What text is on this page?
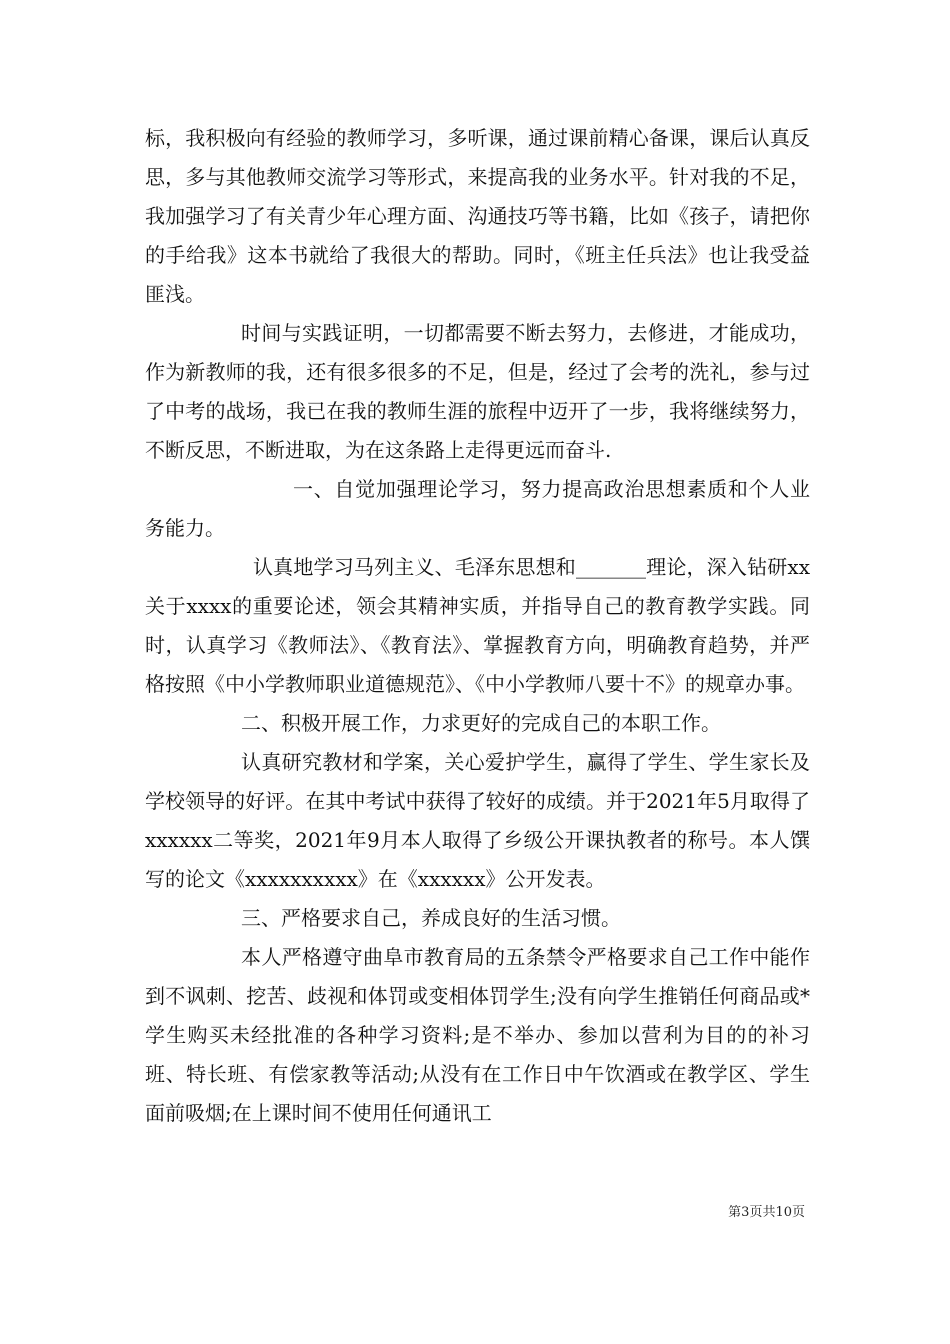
标，我积极向有经验的教师学习，多听课，通过课前精心备课，课后认真反思，多与其他教师交流学习等形式，来提高我的业务水平。针对我的不足，我加强学习了有关青少年心理方面、沟通技巧等书籍，比如《孩子，请把你的手给我》这本书就给了我很大的帮助。同时，《班主任兵法》也让我受益匪浅。

时间与实践证明，一切都需要不断去努力，去修进，才能成功，作为新教师的我，还有很多很多的不足，但是，经过了会考的洗礼，参与过了中考的战场，我已在我的教师生涯的旅程中迈开了一步，我将继续努力，不断反思，不断进取，为在这条路上走得更远而奋斗.

一、自觉加强理论学习，努力提高政治思想素质和个人业务能力。

认真地学习马列主义、毛泽东思想和_______理论，深入钻研xx关于xxxx的重要论述，领会其精神实质，并指导自己的教育教学实践。同时，认真学习《教师法》、《教育法》、掌握教育方向，明确教育趋势，并严格按照《中小学教师职业道德规范》、《中小学教师八要十不》的规章办事。

二、积极开展工作，力求更好的完成自己的本职工作。

认真研究教材和学案，关心爱护学生，赢得了学生、学生家长及学校领导的好评。在其中考试中获得了较好的成绩。并于2021年5月取得了xxxxxx二等奖，2021年9月本人取得了乡级公开课执教者的称号。本人馔写的论文《xxxxxxxxxx》在《xxxxxx》公开发表。

三、严格要求自己，养成良好的生活习惯。

本人严格遵守曲阜市教育局的五条禁令严格要求自己工作中能作到不讽刺、挖苦、歧视和体罚或变相体罚学生;没有向学生推销任何商品或*学生购买未经批准的各种学习资料;是不举办、参加以营利为目的的补习班、特长班、有偿家教等活动;从没有在工作日中午饮酒或在教学区、学生面前吸烟;在上课时间不使用任何通讯工

第3页共10页
